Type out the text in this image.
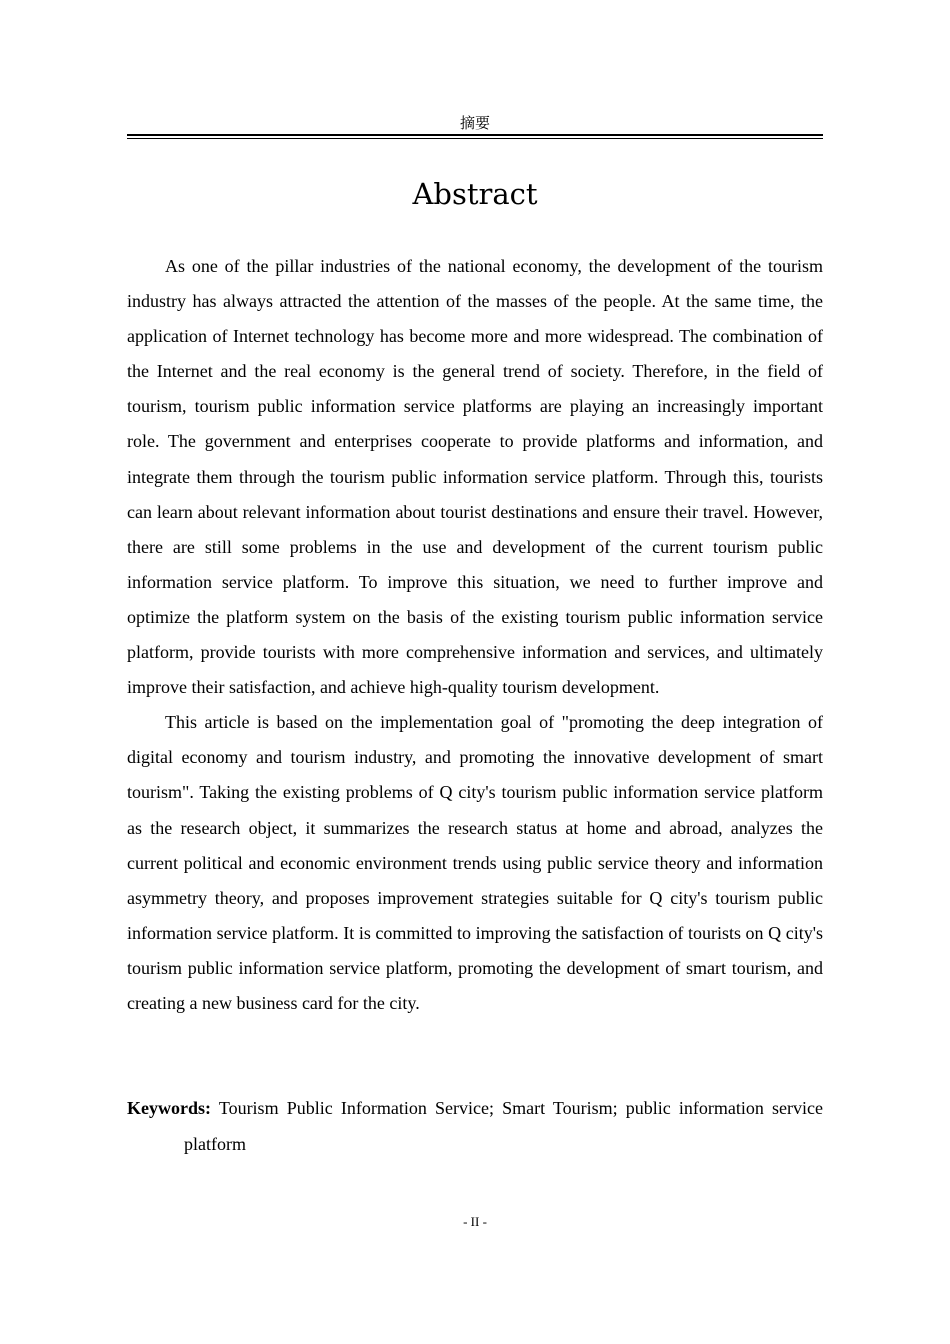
摘要
Abstract

As one of the pillar industries of the national economy, the development of the tourism industry has always attracted the attention of the masses of the people. At the same time, the application of Internet technology has become more and more widespread. The combination of the Internet and the real economy is the general trend of society. Therefore, in the field of tourism, tourism public information service platforms are playing an increasingly important role. The government and enterprises cooperate to provide platforms and information, and integrate them through the tourism public information service platform. Through this, tourists can learn about relevant information about tourist destinations and ensure their travel. However, there are still some problems in the use and development of the current tourism public information service platform. To improve this situation, we need to further improve and optimize the platform system on the basis of the existing tourism public information service platform, provide tourists with more comprehensive information and services, and ultimately improve their satisfaction, and achieve high-quality tourism development.

This article is based on the implementation goal of "promoting the deep integration of digital economy and tourism industry, and promoting the innovative development of smart tourism". Taking the existing problems of Q city's tourism public information service platform as the research object, it summarizes the research status at home and abroad, analyzes the current political and economic environment trends using public service theory and information asymmetry theory, and proposes improvement strategies suitable for Q city's tourism public information service platform. It is committed to improving the satisfaction of tourists on Q city's tourism public information service platform, promoting the development of smart tourism, and creating a new business card for the city.

Keywords: Tourism Public Information Service; Smart Tourism; public information service platform
- II -
